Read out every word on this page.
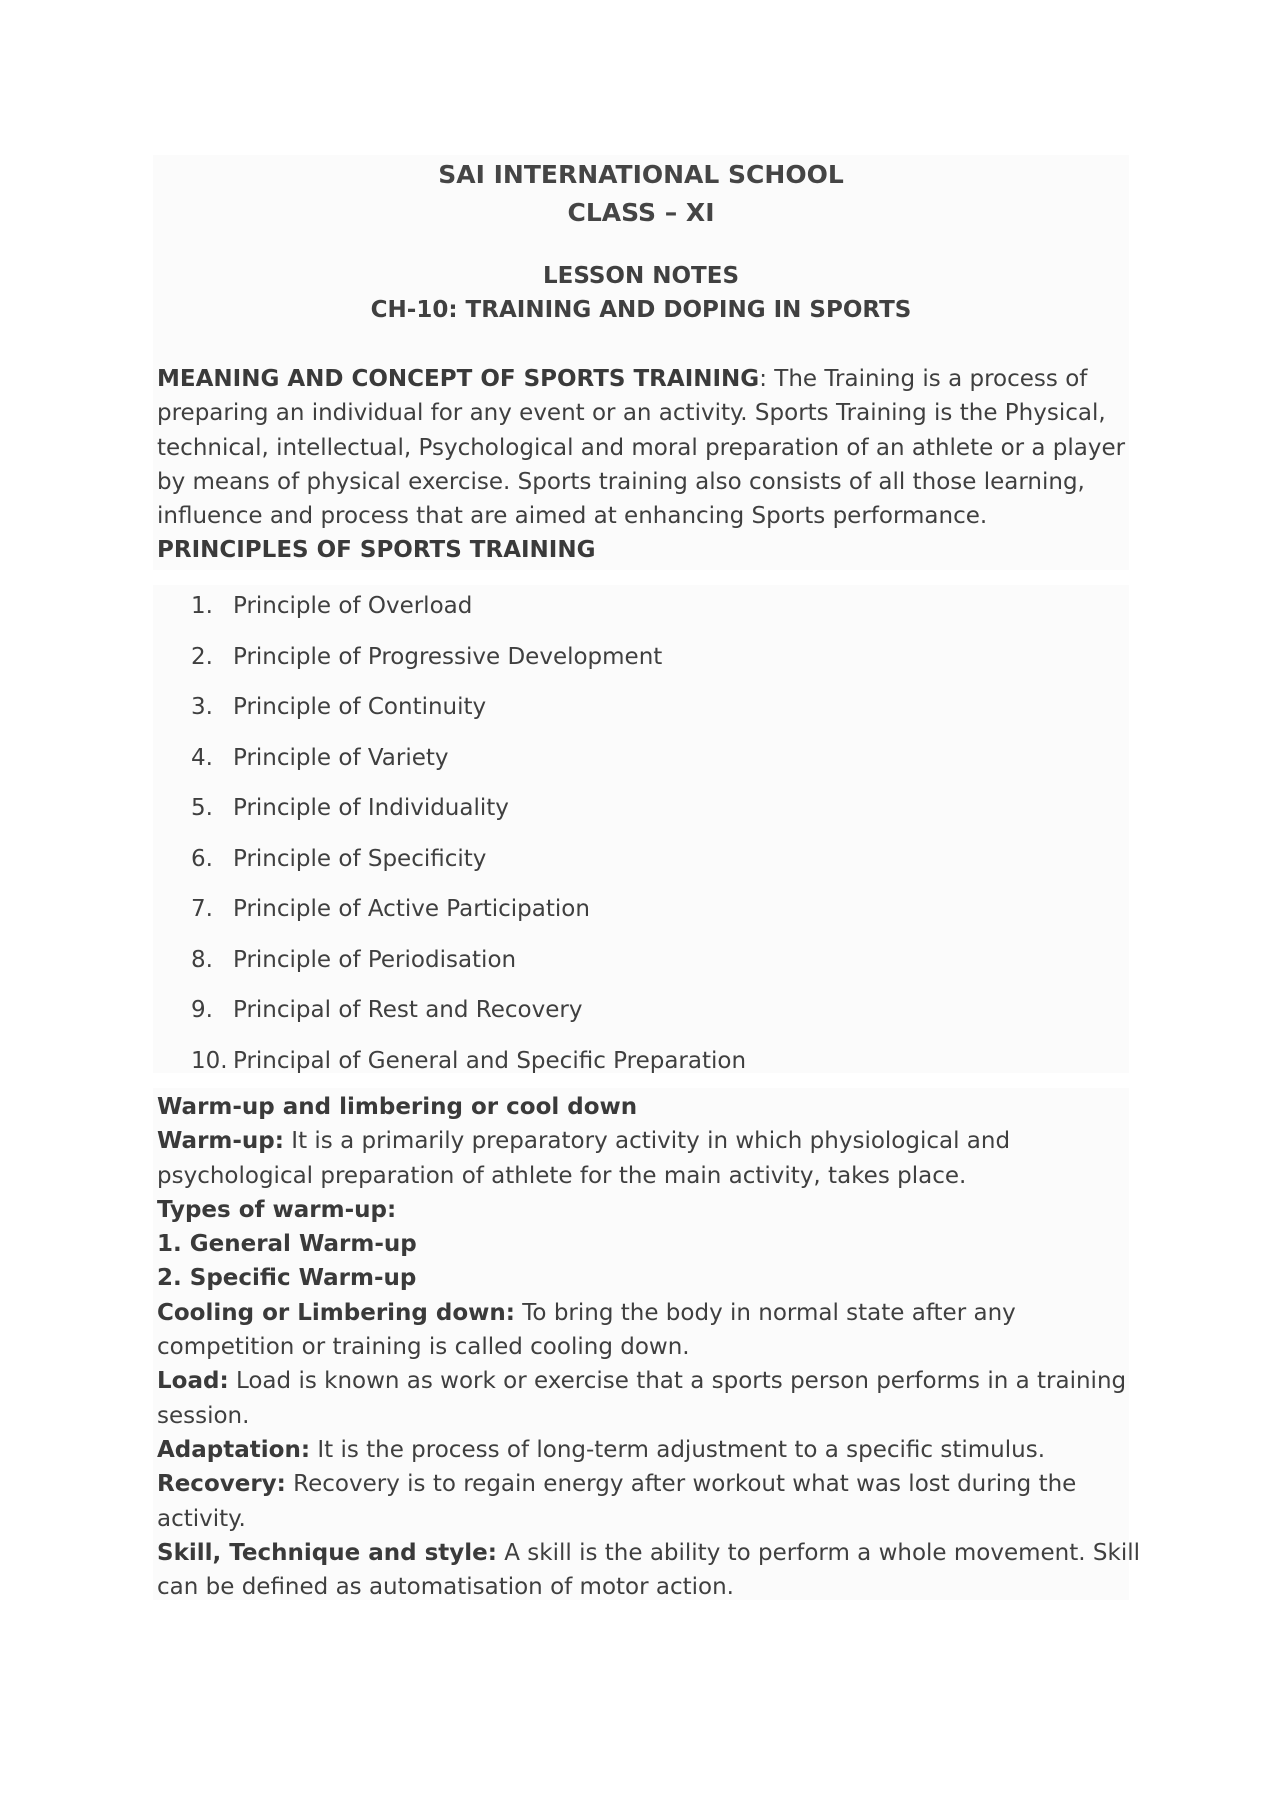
SAI INTERNATIONAL SCHOOL

CLASS – XI

LESSON NOTES

CH-10: TRAINING AND DOPING IN SPORTS

MEANING AND CONCEPT OF SPORTS TRAINING: The Training is a process of

preparing an individual for any event or an activity. Sports Training is the Physical,

technical, intellectual, Psychological and moral preparation of an athlete or a player

by means of physical exercise. Sports training also consists of all those learning,

influence and process that are aimed at enhancing Sports performance.

PRINCIPLES OF SPORTS TRAINING

1. Principle of Overload
2. Principle of Progressive Development
3. Principle of Continuity
4. Principle of Variety
5. Principle of Individuality
6. Principle of Specificity
7. Principle of Active Participation
8. Principle of Periodisation
9. Principal of Rest and Recovery
10. Principal of General and Specific Preparation

Warm-up and limbering or cool down

Warm-up: It is a primarily preparatory activity in which physiological and

psychological preparation of athlete for the main activity, takes place.

Types of warm-up:

1. General Warm-up

2. Specific Warm-up

Cooling or Limbering down: To bring the body in normal state after any

competition or training is called cooling down.

Load: Load is known as work or exercise that a sports person performs in a training

session.

Adaptation: It is the process of long-term adjustment to a specific stimulus.

Recovery: Recovery is to regain energy after workout what was lost during the

activity.

Skill, Technique and style: A skill is the ability to perform a whole movement. Skill

can be defined as automatisation of motor action.
